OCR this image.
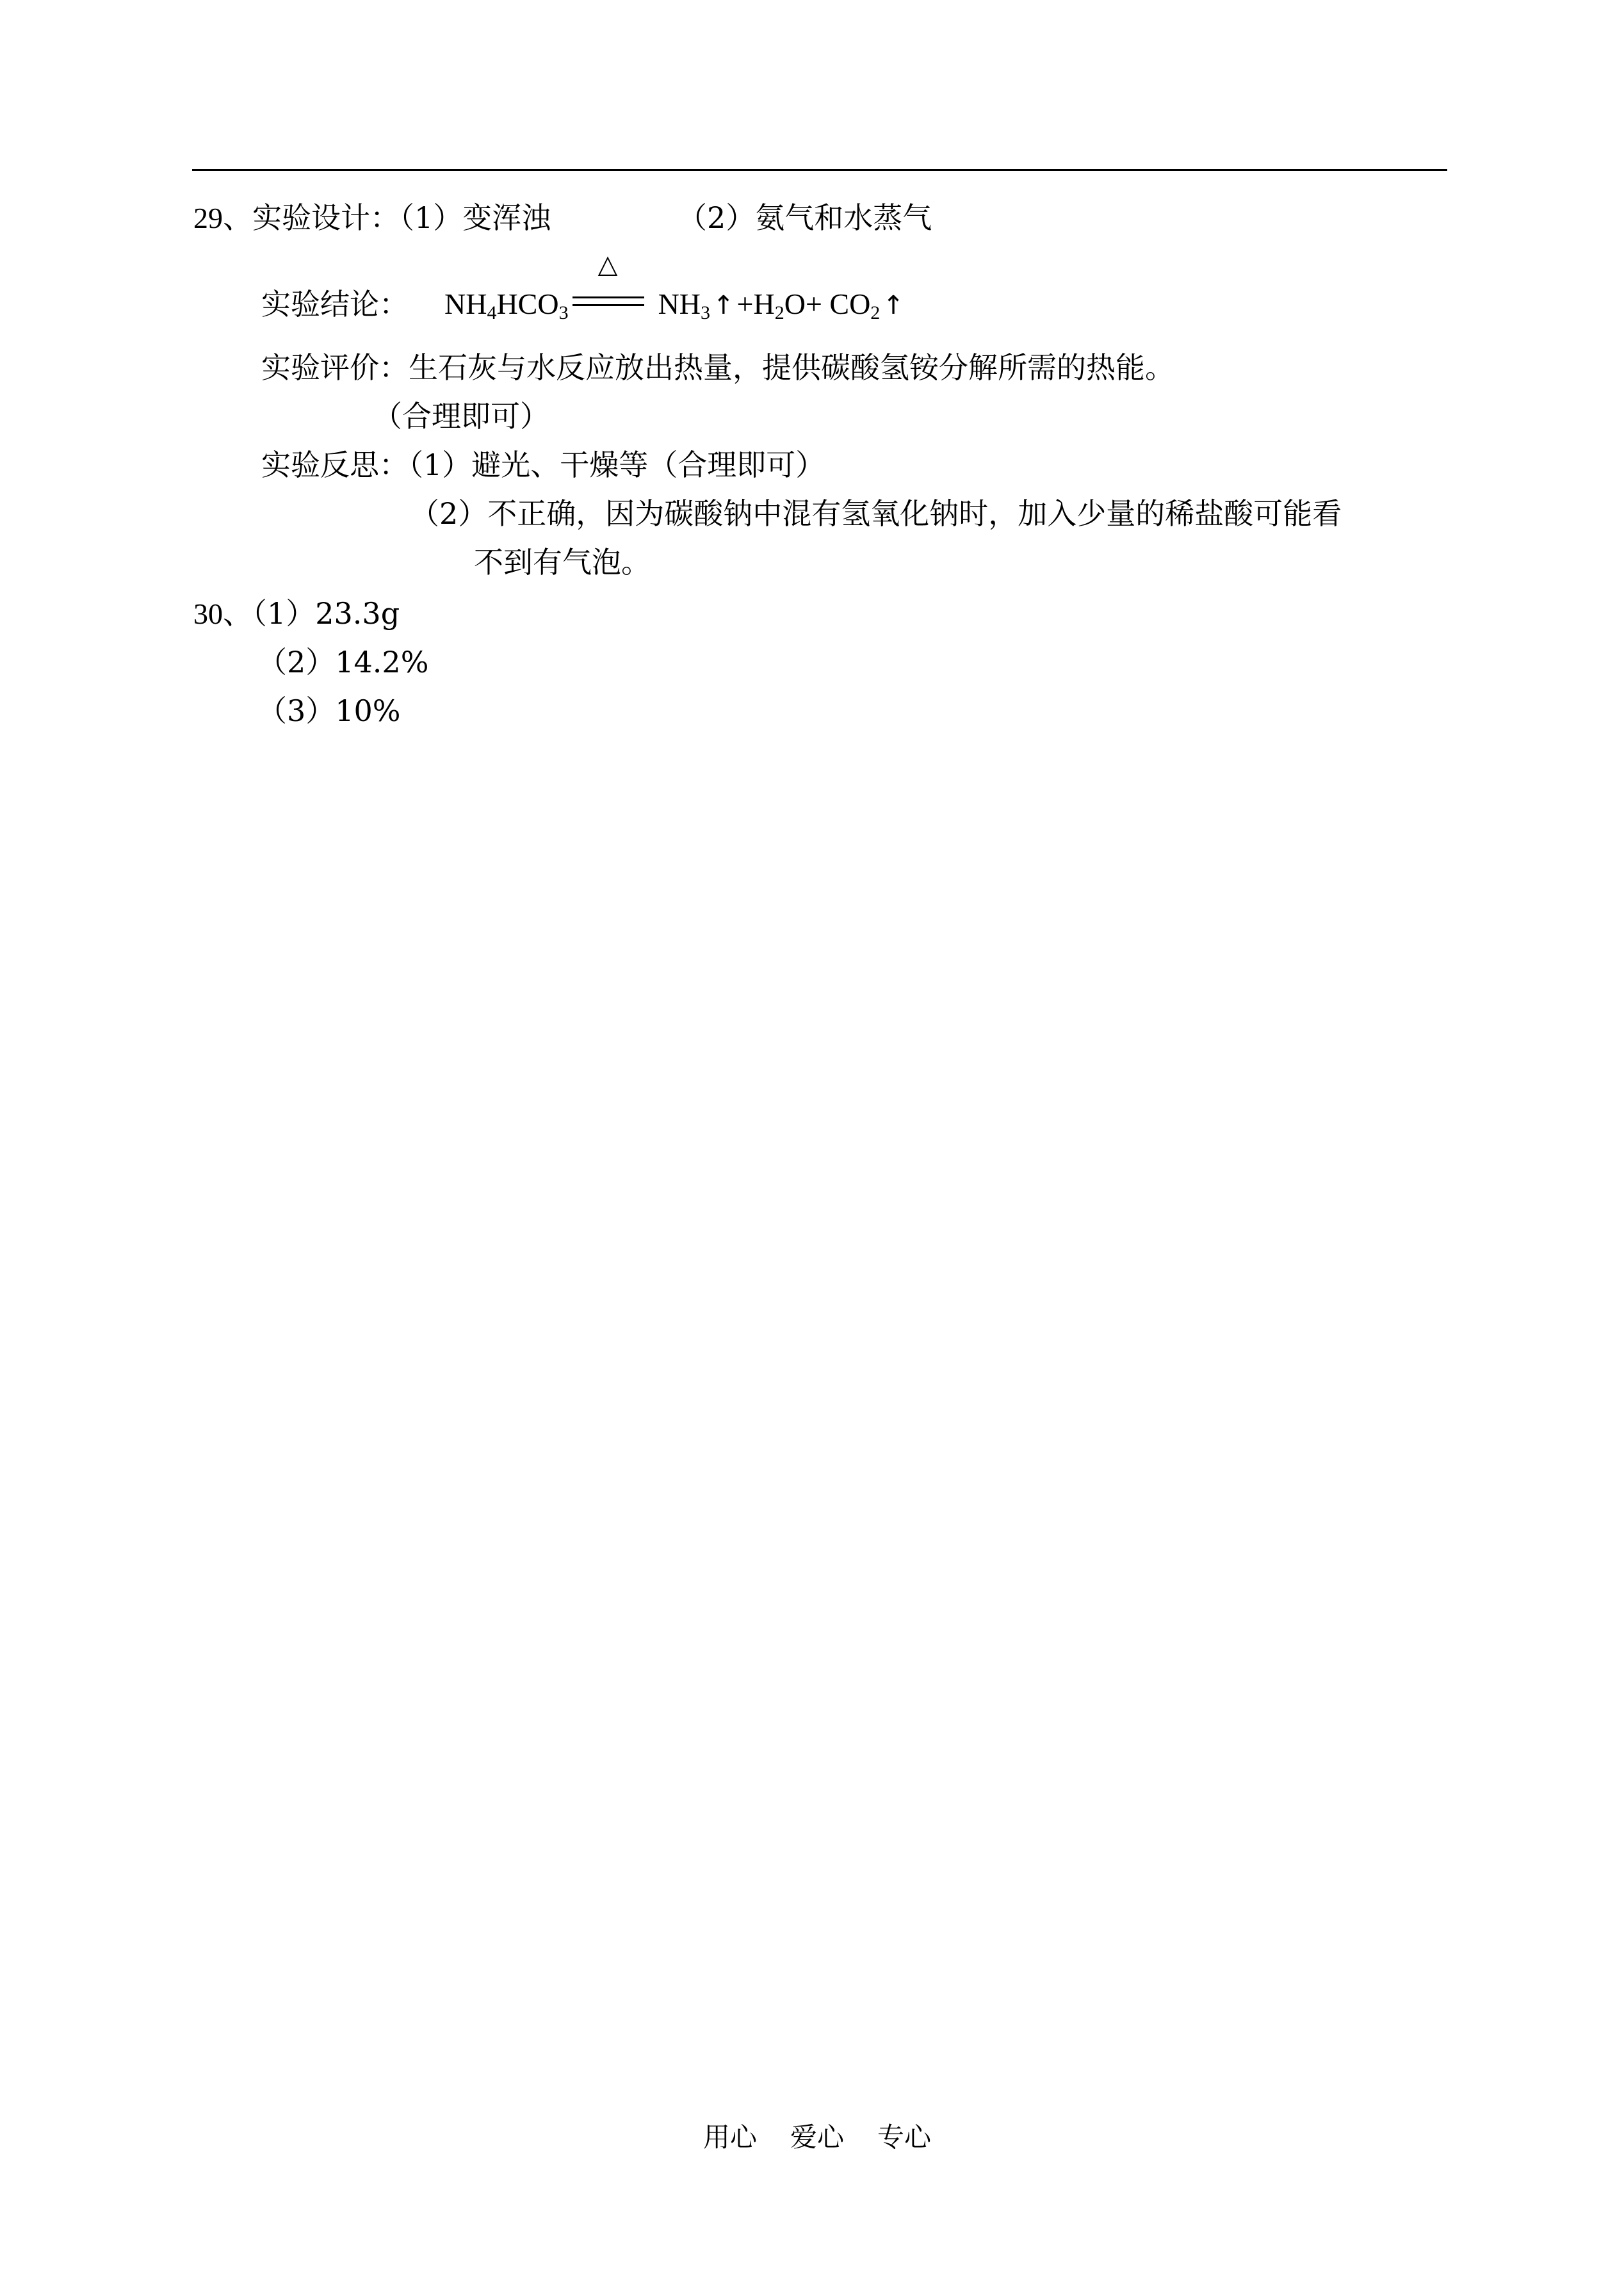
29、实验设计：（1）变浑浊	（2）氨气和水蒸气
实验结论： $NH_4HCO_3$
△
$NH_3$ $↑+H_2O+ CO_2$ ↑
实验评价：生石灰与水反应放出热量，提供碳酸氢铵分解所需的热能。
（合理即可）
实验反思：（1）避光、干燥等（合理即可）
（2）不正确，因为碳酸钠中混有氢氧化钠时，加入少量的稀盐酸可能看
不到有气泡。
30、（1）23.3g
（2）14.2%
（3）10%
用心 爱心 专心
